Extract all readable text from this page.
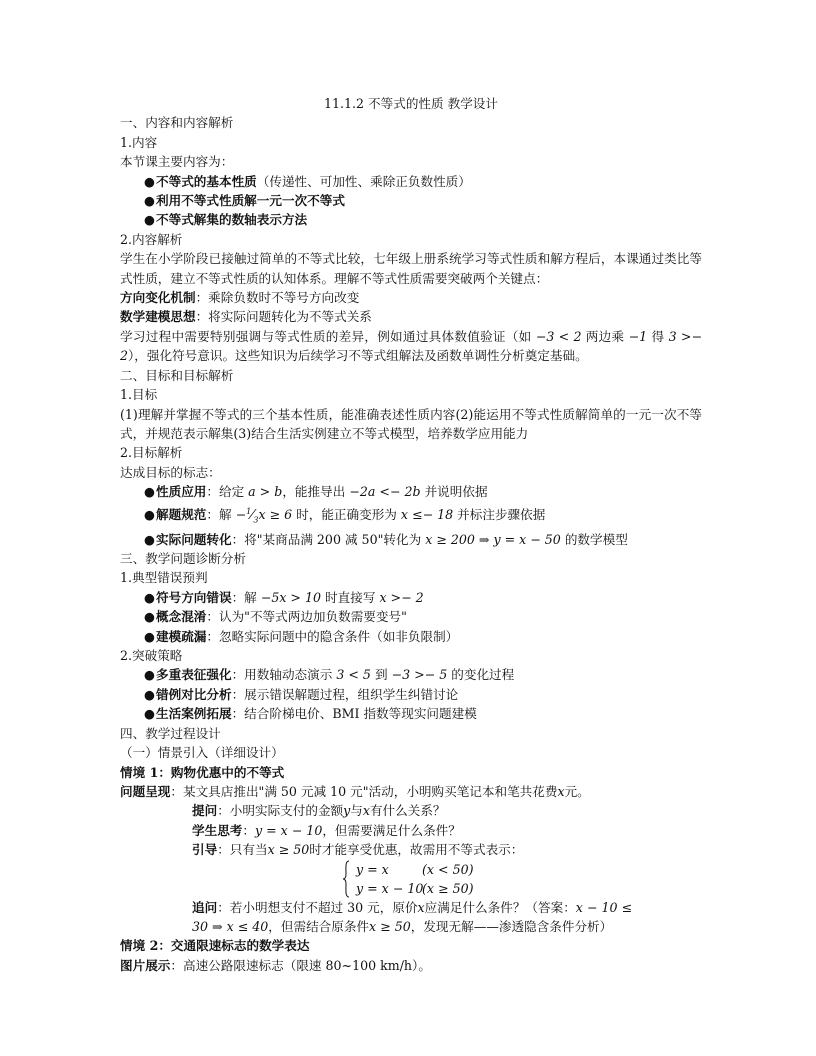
11.1.2 不等式的性质 教学设计
一、内容和内容解析
1.内容
本节课主要内容为：
●不等式的基本性质（传递性、可加性、乘除正负数性质）
●利用不等式性质解一元一次不等式
●不等式解集的数轴表示方法
2.内容解析
学生在小学阶段已接触过简单的不等式比较，七年级上册系统学习等式性质和解方程后，本课通过类比等式性质，建立不等式性质的认知体系。理解不等式性质需要突破两个关键点：
方向变化机制：乘除负数时不等号方向改变
数学建模思想：将实际问题转化为不等式关系
学习过程中需要特别强调与等式性质的差异，例如通过具体数值验证（如 −3 < 2 两边乘 −1 得 3 >− 2），强化符号意识。这些知识为后续学习不等式组解法及函数单调性分析奠定基础。
二、目标和目标解析
1.目标
(1)理解并掌握不等式的三个基本性质，能准确表述性质内容(2)能运用不等式性质解简单的一元一次不等式，并规范表示解集(3)结合生活实例建立不等式模型，培养数学应用能力
2.目标解析
达成目标的标志：
●性质应用：给定 a > b，能推导出 −2a <− 2b 并说明依据
●解题规范：解 $-^1⁄_3x \ge 6$ 时，能正确变形为 x ≤− 18 并标注步骤依据
●实际问题转化：将"某商品满 200 减 50"转化为 x ≥ 200 ⇒ y = x − 50 的数学模型
三、教学问题诊断分析
1.典型错误预判
●符号方向错误：解 −5x > 10 时直接写 x >− 2
●概念混淆：认为"不等式两边加负数需要变号"
●建模疏漏：忽略实际问题中的隐含条件（如非负限制）
2.突破策略
●多重表征强化：用数轴动态演示 3 < 5 到 −3 >− 5 的变化过程
●错例对比分析：展示错误解题过程，组织学生纠错讨论
●生活案例拓展：结合阶梯电价、BMI 指数等现实问题建模
四、教学过程设计
（一）情景引入（详细设计）
情境 1：购物优惠中的不等式
问题呈现：某文具店推出"满 50 元减 10 元"活动，小明购买笔记本和笔共花费x元。
提问：小明实际支付的金额y与x有什么关系？
学生思考：y = x − 10，但需要满足什么条件？
引导：只有当x ≥ 50时才能享受优惠，故需用不等式表示：
y = x	(x < 50)
y = x − 10
(x ≥ 50)
追问：若小明想支付不超过 30 元，原价x应满足什么条件？（答案：x − 10 ≤
30 ⇒ x ≤ 40，但需结合原条件x ≥ 50，发现无解——渗透隐含条件分析）
情境 2：交通限速标志的数学表达
图片展示：高速公路限速标志（限速 80~100 km/h）。
